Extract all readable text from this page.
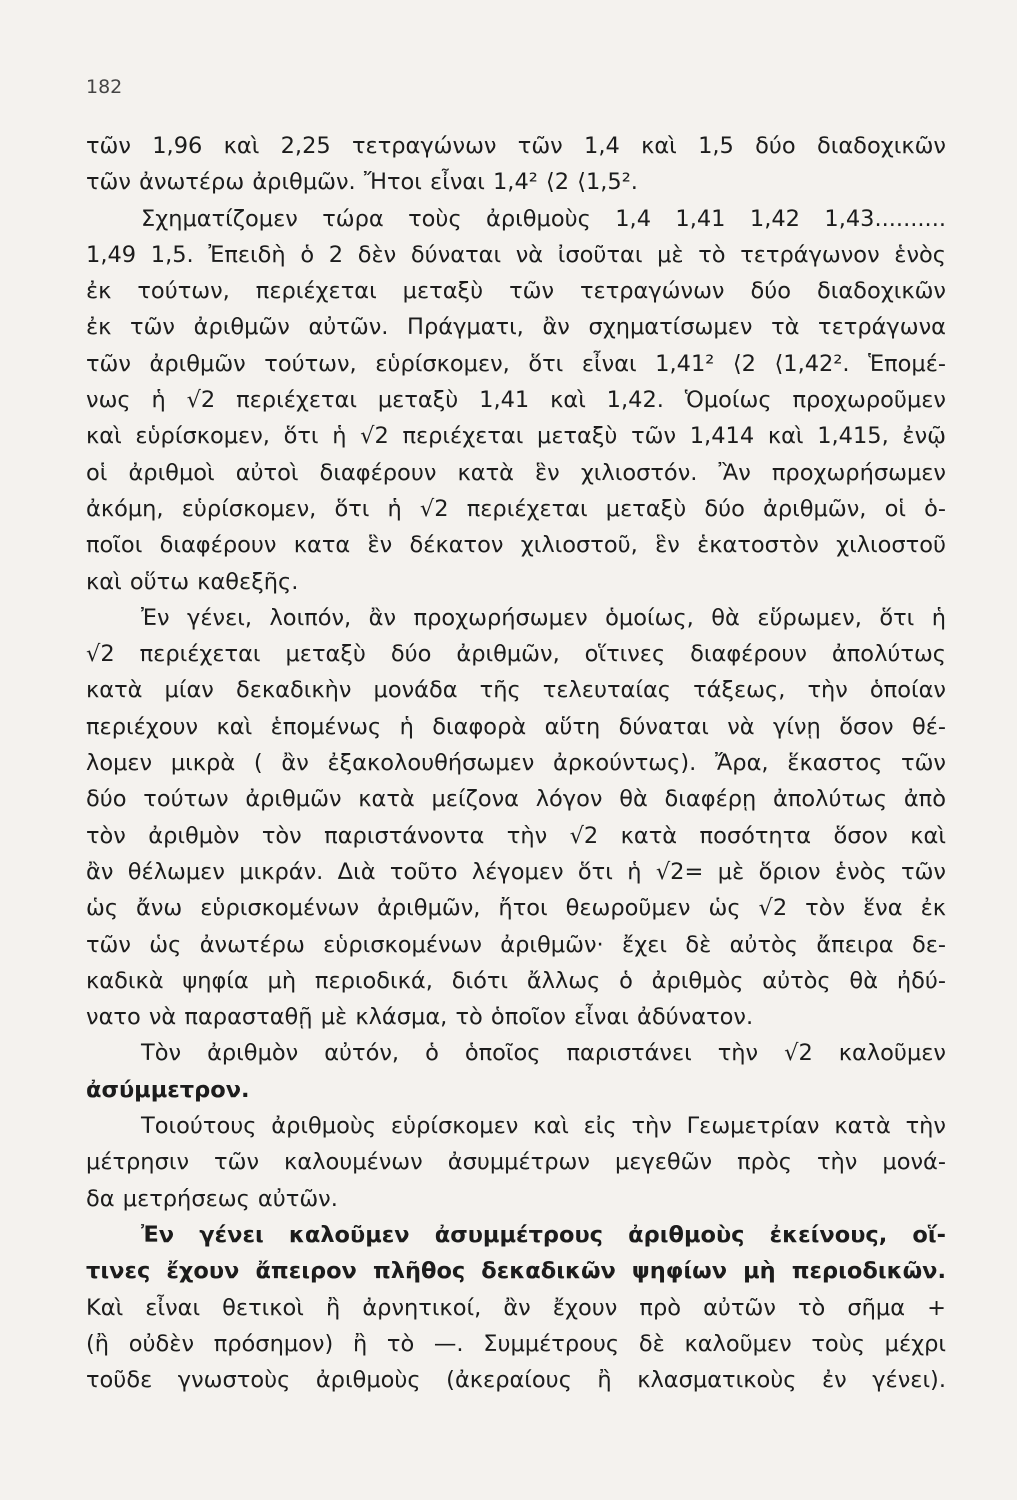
182
τῶν 1,96 καὶ 2,25 τετραγώνων τῶν 1,4 καὶ 1,5 δύο διαδοχικῶν
τῶν ἀνωτέρω ἀριθμῶν. Ἤτοι εἶναι 1,4² ⟨2 ⟨1,5².
Σχηματίζομεν τώρα τοὺς ἀριθμοὺς 1,4 1,41 1,42 1,43..........
1,49 1,5. Ἐπειδὴ ὁ 2 δὲν δύναται νὰ ἰσοῦται μὲ τὸ τετράγωνον ἑνὸς
ἐκ τούτων, περιέχεται μεταξὺ τῶν τετραγώνων δύο διαδοχικῶν
ἐκ τῶν ἀριθμῶν αὐτῶν. Πράγματι, ἂν σχηματίσωμεν τὰ τετράγωνα
τῶν ἀριθμῶν τούτων, εὑρίσκομεν, ὅτι εἶναι 1,41² ⟨2 ⟨1,42². Ἑπομέ-
νως ἡ √2 περιέχεται μεταξὺ 1,41 καὶ 1,42. Ὁμοίως προχωροῦμεν
καὶ εὑρίσκομεν, ὅτι ἡ √2 περιέχεται μεταξὺ τῶν 1,414 καὶ 1,415, ἐνῷ
οἱ ἀριθμοὶ αὐτοὶ διαφέρουν κατὰ ἓν χιλιοστόν. Ἂν προχωρήσωμεν
ἀκόμη, εὑρίσκομεν, ὅτι ἡ √2 περιέχεται μεταξὺ δύο ἀριθμῶν, οἱ ὁ-
ποῖοι διαφέρουν κατα ἓν δέκατον χιλιοστοῦ, ἓν ἑκατοστὸν χιλιοστοῦ
καὶ οὕτω καθεξῆς.
Ἐν γένει, λοιπόν, ἂν προχωρήσωμεν ὁμοίως, θὰ εὕρωμεν, ὅτι ἡ
√2 περιέχεται μεταξὺ δύο ἀριθμῶν, οἵτινες διαφέρουν ἀπολύτως
κατὰ μίαν δεκαδικὴν μονάδα τῆς τελευταίας τάξεως, τὴν ὁποίαν
περιέχουν καὶ ἑπομένως ἡ διαφορὰ αὕτη δύναται νὰ γίνῃ ὅσον θέ-
λομεν μικρὰ ( ἂν ἐξακολουθήσωμεν ἀρκούντως). Ἄρα, ἕκαστος τῶν
δύο τούτων ἀριθμῶν κατὰ μείζονα λόγον θὰ διαφέρῃ ἀπολύτως ἀπὸ
τὸν ἀριθμὸν τὸν παριστάνοντα τὴν √2 κατὰ ποσότητα ὅσον καὶ
ἂν θέλωμεν μικράν. Διὰ τοῦτο λέγομεν ὅτι ἡ √2= μὲ ὅριον ἑνὸς τῶν
ὡς ἄνω εὑρισκομένων ἀριθμῶν, ἤτοι θεωροῦμεν ὡς √2 τὸν ἕνα ἐκ
τῶν ὡς ἀνωτέρω εὑρισκομένων ἀριθμῶν· ἔχει δὲ αὐτὸς ἄπειρα δε-
καδικὰ ψηφία μὴ περιοδικά, διότι ἄλλως ὁ ἀριθμὸς αὐτὸς θὰ ἠδύ-
νατο νὰ παρασταθῇ μὲ κλάσμα, τὸ ὁποῖον εἶναι ἀδύνατον.
Τὸν ἀριθμὸν αὐτόν, ὁ ὁποῖος παριστάνει τὴν √2 καλοῦμεν
ἀσύμμετρον.
Τοιούτους ἀριθμοὺς εὑρίσκομεν καὶ εἰς τὴν Γεωμετρίαν κατὰ τὴν
μέτρησιν τῶν καλουμένων ἀσυμμέτρων μεγεθῶν πρὸς τὴν μονά-
δα μετρήσεως αὐτῶν.
Ἐν γένει καλοῦμεν ἀσυμμέτρους ἀριθμοὺς ἐκείνους, οἵ-
τινες ἔχουν ἄπειρον πλῆθος δεκαδικῶν ψηφίων μὴ περιοδικῶν.
Καὶ εἶναι θετικοὶ ἢ ἀρνητικοί, ἂν ἔχουν πρὸ αὐτῶν τὸ σῆμα +
(ἢ οὐδὲν πρόσημον) ἢ τὸ —. Συμμέτρους δὲ καλοῦμεν τοὺς μέχρι
τοῦδε γνωστοὺς ἀριθμοὺς (ἀκεραίους ἢ κλασματικοὺς ἐν γένει).
